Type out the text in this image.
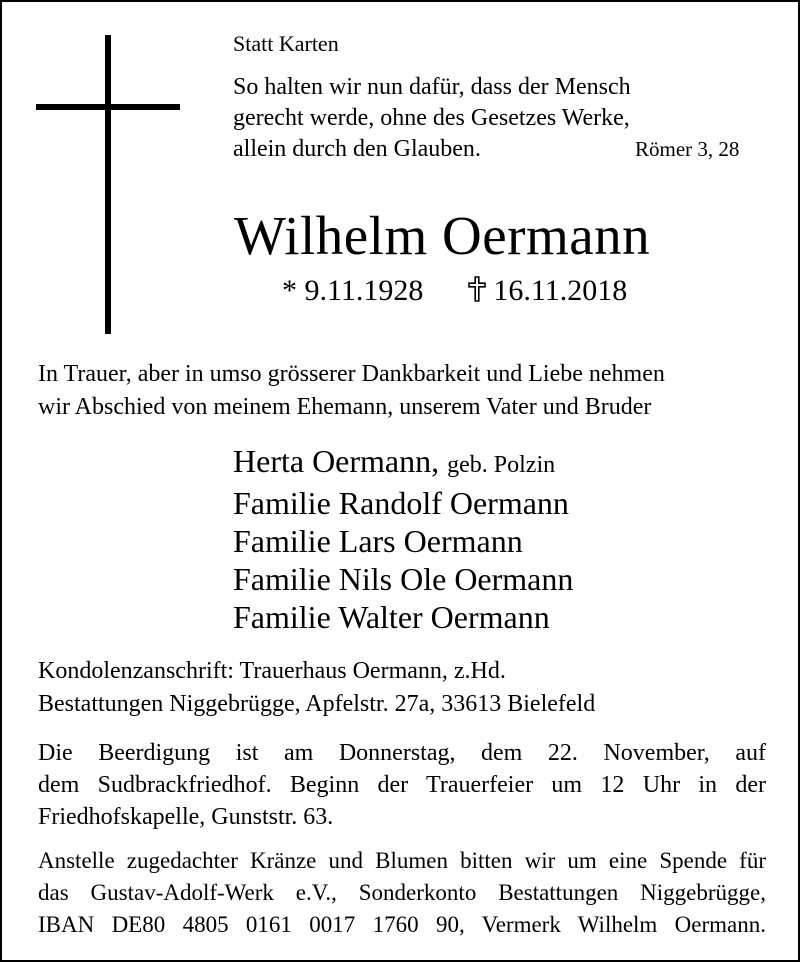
Statt Karten
So halten wir nun dafür, dass der Mensch
gerecht werde, ohne des Gesetzes Werke,
allein durch den Glauben.	Römer 3, 28
Wilhelm Oermann
* 9.11.1928 16.11.2018
In Trauer, aber in umso grösserer Dankbarkeit und Liebe nehmen
wir Abschied von meinem Ehemann, unserem Vater und Bruder
Herta Oermann, geb. Polzin
Familie Randolf Oermann
Familie Lars Oermann
Familie Nils Ole Oermann
Familie Walter Oermann
Kondolenzanschrift: Trauerhaus Oermann, z.Hd.
Bestattungen Niggebrügge, Apfelstr. 27a, 33613 Bielefeld
Die Beerdigung ist am Donnerstag, dem 22. November, auf
dem Sudbrackfriedhof. Beginn der Trauerfeier um 12 Uhr in der
Friedhofskapelle, Gunststr. 63.
Anstelle zugedachter Kränze und Blumen bitten wir um eine Spende für
das Gustav-Adolf-Werk e.V., Sonderkonto Bestattungen Niggebrügge,
IBAN DE80 4805 0161 0017 1760 90, Vermerk Wilhelm Oermann.
